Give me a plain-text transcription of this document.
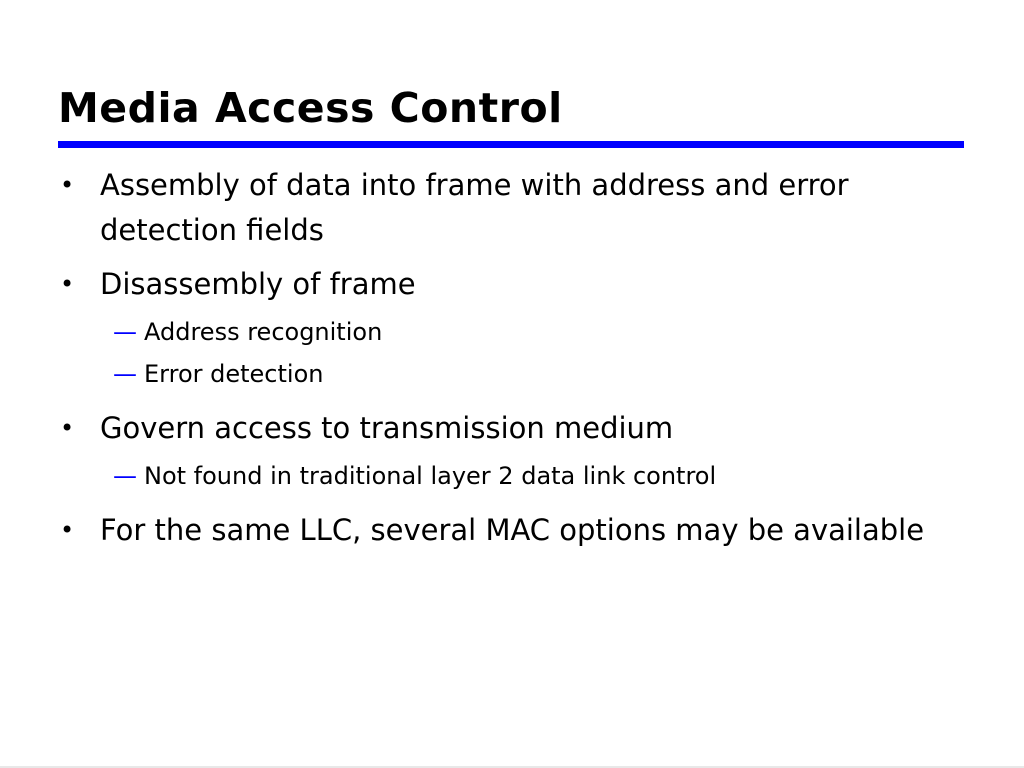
Media Access Control
• Assembly of data into frame with address and error detection fields
• Disassembly of frame
— Address recognition
— Error detection
• Govern access to transmission medium
— Not found in traditional layer 2 data link control
• For the same LLC, several MAC options may be available
